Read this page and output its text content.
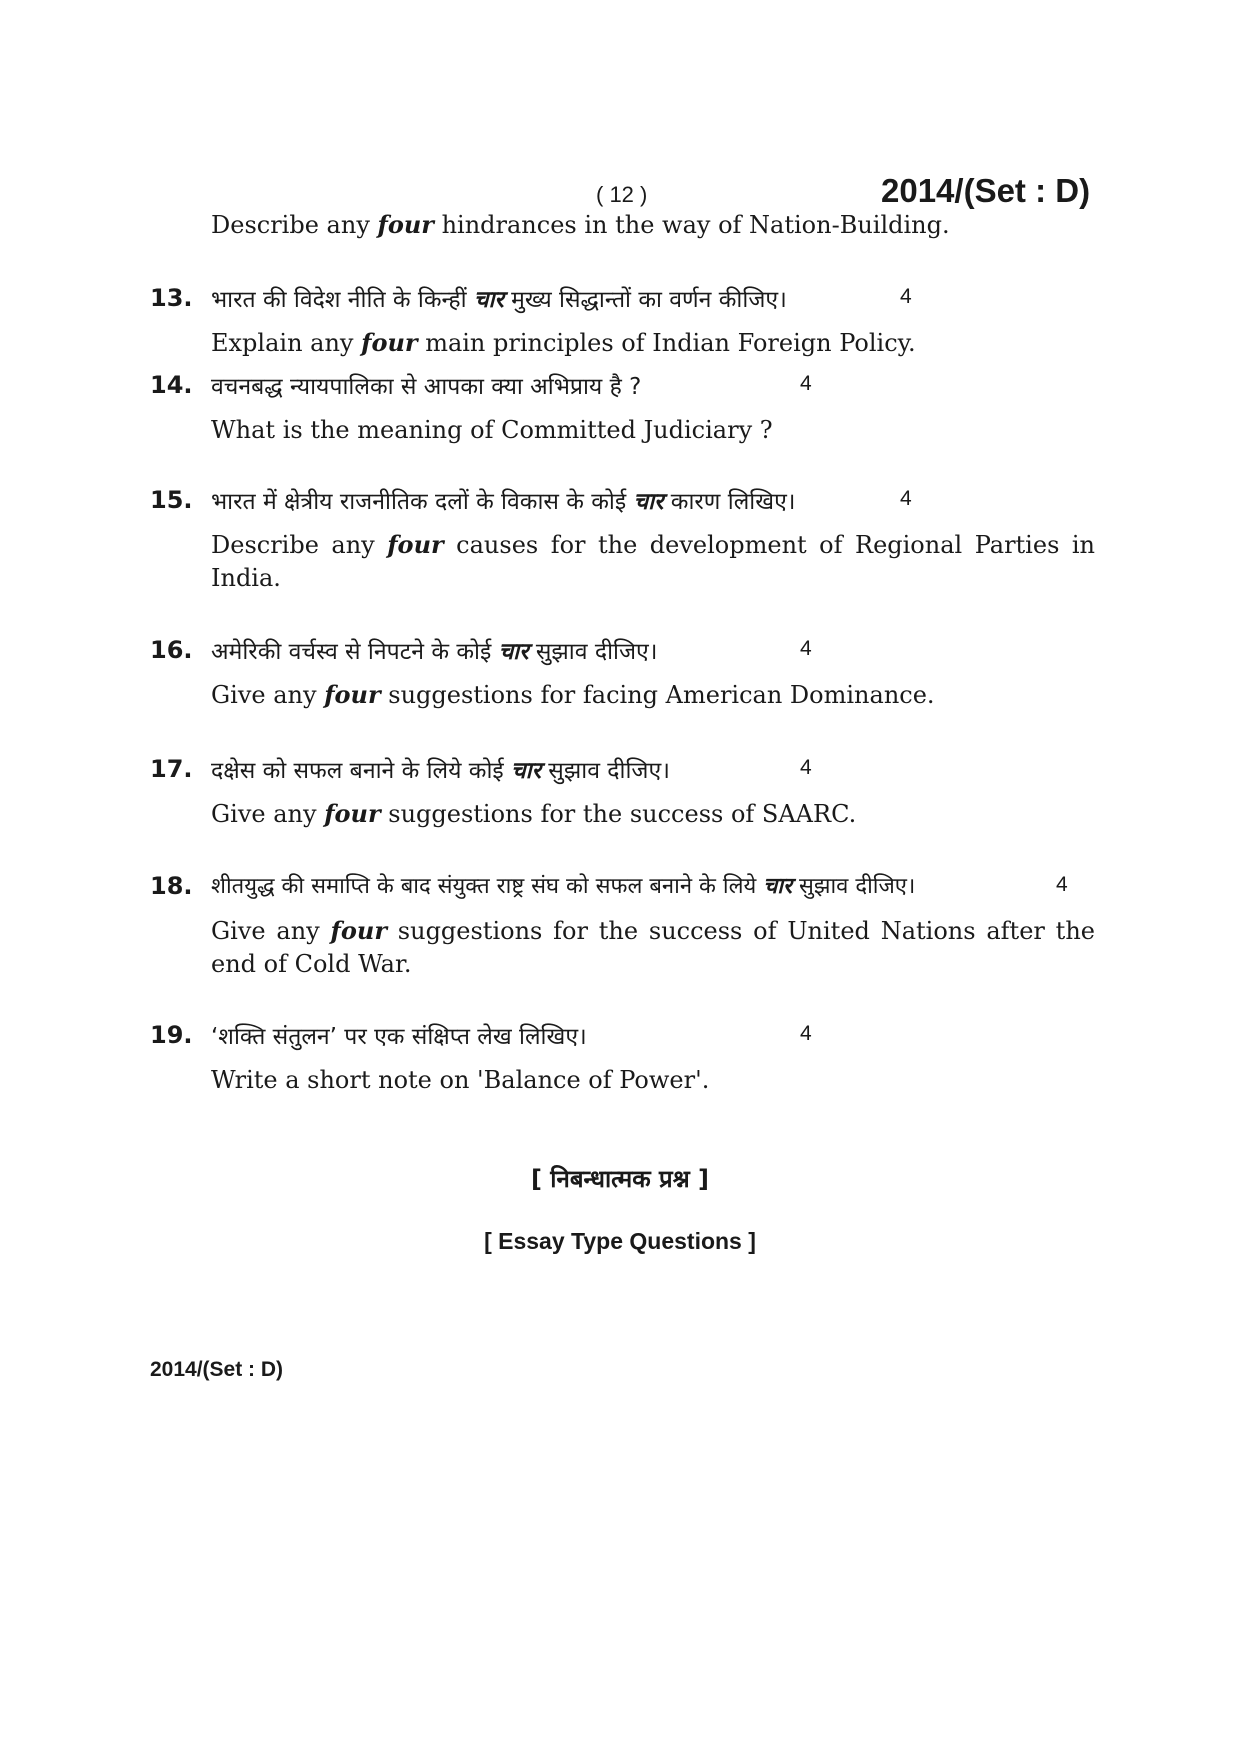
( 12 )	2014/(Set : D)
Describe any four hindrances in the way of Nation-Building.
13. भारत की विदेश नीति के किन्हीं चार मुख्य सिद्धान्तों का वर्णन कीजिए।	4
Explain any four main principles of Indian Foreign Policy.
14. वचनबद्ध न्यायपालिका से आपका क्या अभिप्राय है ?	4
What is the meaning of Committed Judiciary ?
15. भारत में क्षेत्रीय राजनीतिक दलों के विकास के कोई चार कारण लिखिए।	4
Describe any four causes for the development of Regional Parties in India.
16. अमेरिकी वर्चस्व से निपटने के कोई चार सुझाव दीजिए।	4
Give any four suggestions for facing American Dominance.
17. दक्षेस को सफल बनाने के लिये कोई चार सुझाव दीजिए।	4
Give any four suggestions for the success of SAARC.
18. शीतयुद्ध की समाप्ति के बाद संयुक्त राष्ट्र संघ को सफल बनाने के लिये चार सुझाव दीजिए।	4
Give any four suggestions for the success of United Nations after the end of Cold War.
19. ‘शक्ति संतुलन’ पर एक संक्षिप्त लेख लिखिए।	4
Write a short note on 'Balance of Power'.
[ निबन्धात्मक प्रश्न ]
[ Essay Type Questions ]
2014/(Set : D)
